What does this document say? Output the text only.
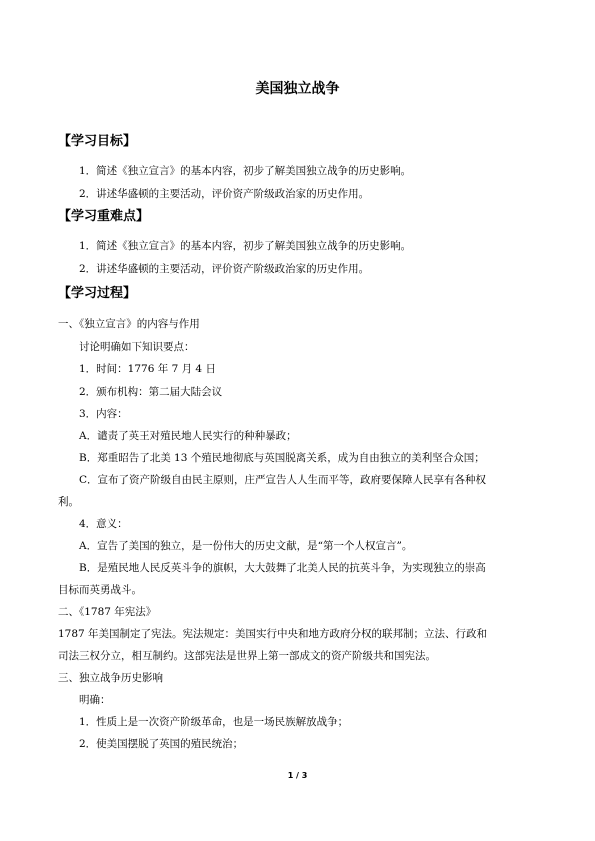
美国独立战争
【学习目标】
1．简述《独立宣言》的基本内容，初步了解美国独立战争的历史影响。
2．讲述华盛顿的主要活动，评价资产阶级政治家的历史作用。
【学习重难点】
1．简述《独立宣言》的基本内容，初步了解美国独立战争的历史影响。
2．讲述华盛顿的主要活动，评价资产阶级政治家的历史作用。
【学习过程】
一、《独立宣言》的内容与作用
讨论明确如下知识要点：
1．时间：1776 年 7 月 4 日
2．颁布机构：第二届大陆会议
3．内容：
A．谴责了英王对殖民地人民实行的种种暴政；
B．郑重昭告了北美 13 个殖民地彻底与英国脱离关系，成为自由独立的美利坚合众国；
C．宣布了资产阶级自由民主原则，庄严宣告人人生而平等，政府要保障人民享有各种权
利。
4．意义：
A．宣告了美国的独立，是一份伟大的历史文献，是“第一个人权宣言”。
B．是殖民地人民反英斗争的旗帜，大大鼓舞了北美人民的抗英斗争，为实现独立的崇高
目标而英勇战斗。
二、《1787 年宪法》
1787 年美国制定了宪法。宪法规定：美国实行中央和地方政府分权的联邦制；立法、行政和
司法三权分立，相互制约。这部宪法是世界上第一部成文的资产阶级共和国宪法。
三、独立战争历史影响
明确：
1．性质上是一次资产阶级革命，也是一场民族解放战争；
2．使美国摆脱了英国的殖民统治；
1 / 3
